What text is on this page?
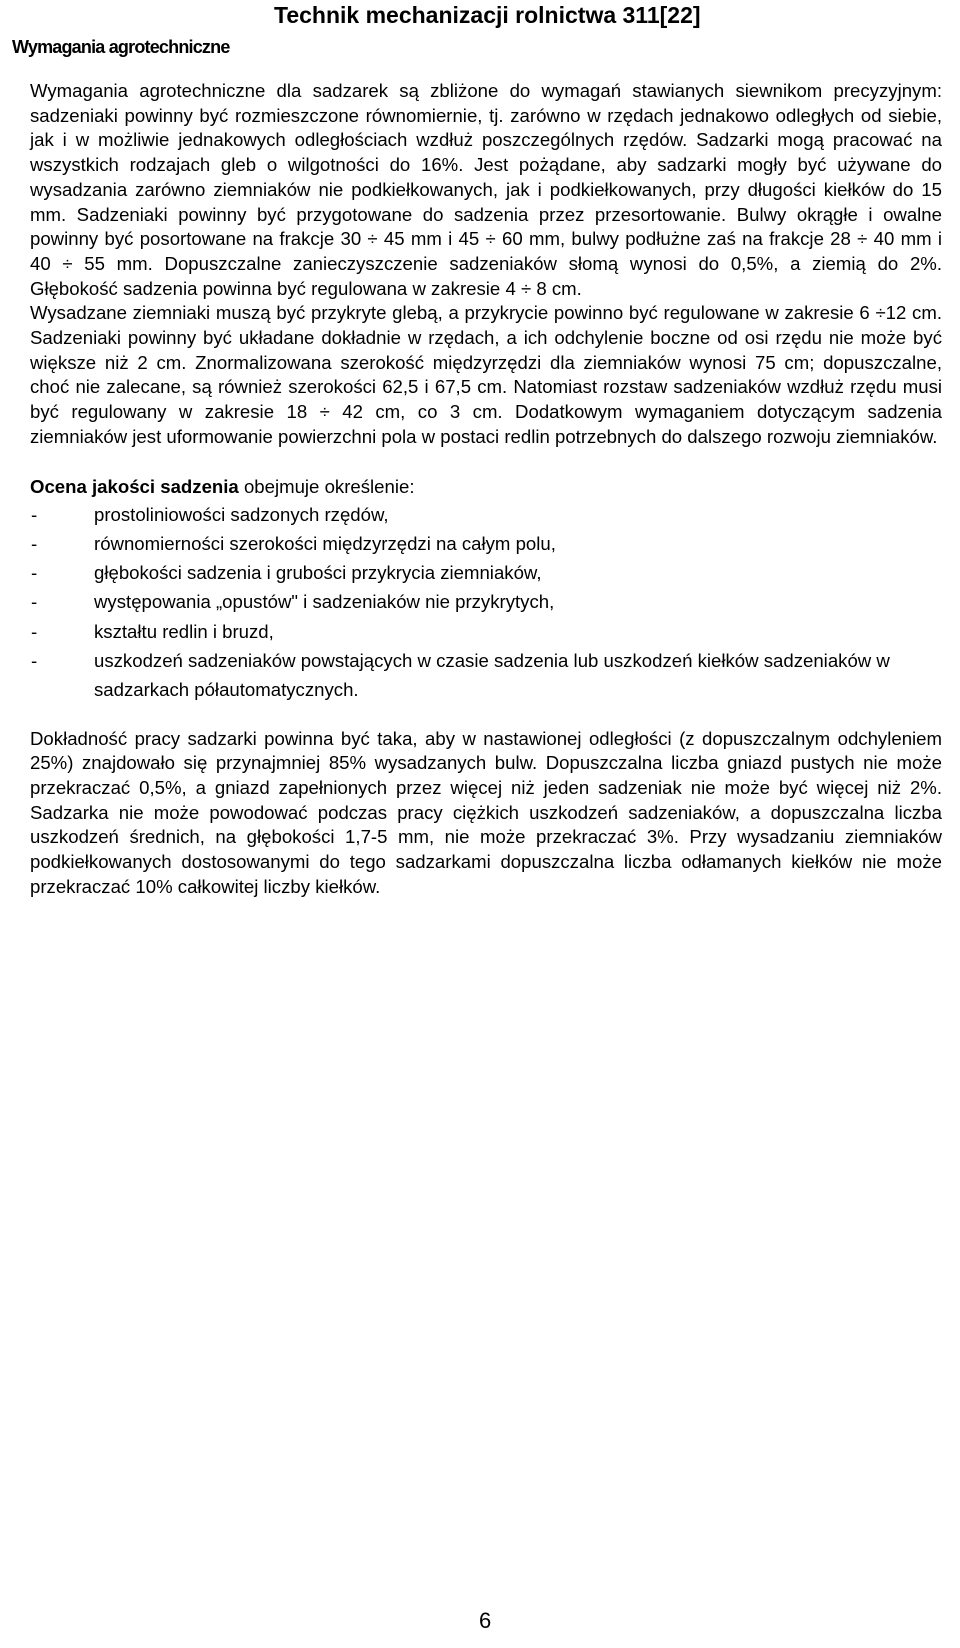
Technik mechanizacji rolnictwa 311[22]
Wymagania agrotechniczne

Wymagania agrotechniczne dla sadzarek są zbliżone do wymagań stawianych siewnikom precyzyjnym: sadzeniaki powinny być rozmieszczone równomiernie, tj. zarówno w rzędach jednakowo odległych od siebie, jak i w możliwie jednakowych odległościach wzdłuż poszczególnych rzędów. Sadzarki mogą pracować na wszystkich rodzajach gleb o wilgotności do 16%. Jest pożądane, aby sadzarki mogły być używane do wysadzania zarówno ziemniaków nie podkiełkowanych, jak i podkiełkowanych, przy długości kiełków do 15 mm. Sadzeniaki powinny być przygotowane do sadzenia przez przesortowanie. Bulwy okrągłe i owalne powinny być posortowane na frakcje 30 ÷ 45 mm i 45 ÷ 60 mm, bulwy podłużne zaś na frakcje 28 ÷ 40 mm i 40 ÷ 55 mm. Dopuszczalne zanieczyszczenie sadzeniaków słomą wynosi do 0,5%, a ziemią do 2%. Głębokość sadzenia powinna być regulowana w zakresie 4 ÷ 8 cm.

Wysadzane ziemniaki muszą być przykryte glebą, a przykrycie powinno być regulowane w zakresie 6 ÷12 cm. Sadzeniaki powinny być układane dokładnie w rzędach, a ich odchylenie boczne od osi rzędu nie może być większe niż 2 cm. Znormalizowana szerokość międzyrzędzi dla ziemniaków wynosi 75 cm; dopuszczalne, choć nie zalecane, są również szerokości 62,5 i 67,5 cm. Natomiast rozstaw sadzeniaków wzdłuż rzędu musi być regulowany w zakresie 18 ÷ 42 cm, co 3 cm. Dodatkowym wymaganiem dotyczącym sadzenia ziemniaków jest uformowanie powierzchni pola w postaci redlin potrzebnych do dalszego rozwoju ziemniaków.

Ocena jakości sadzenia obejmuje określenie:

-	prostoliniowości sadzonych rzędów,
-	równomierności szerokości międzyrzędzi na całym polu,
-	głębokości sadzenia i grubości przykrycia ziemniaków,
-	występowania „opustów" i sadzeniaków nie przykrytych,
-	kształtu redlin i bruzd,
-	uszkodzeń sadzeniaków powstających w czasie sadzenia lub uszkodzeń kiełków sadzeniaków w sadzarkach półautomatycznych.

Dokładność pracy sadzarki powinna być taka, aby w nastawionej odległości (z dopuszczalnym odchyleniem 25%) znajdowało się przynajmniej 85% wysadzanych bulw. Dopuszczalna liczba gniazd pustych nie może przekraczać 0,5%, a gniazd zapełnionych przez więcej niż jeden sadzeniak nie może być więcej niż 2%. Sadzarka nie może powodować podczas pracy ciężkich uszkodzeń sadzeniaków, a dopuszczalna liczba uszkodzeń średnich, na głębokości 1,7-5 mm, nie może przekraczać 3%. Przy wysadzaniu ziemniaków podkiełkowanych dostosowanymi do tego sadzarkami dopuszczalna liczba odłamanych kiełków nie może przekraczać 10% całkowitej liczby kiełków.

6
